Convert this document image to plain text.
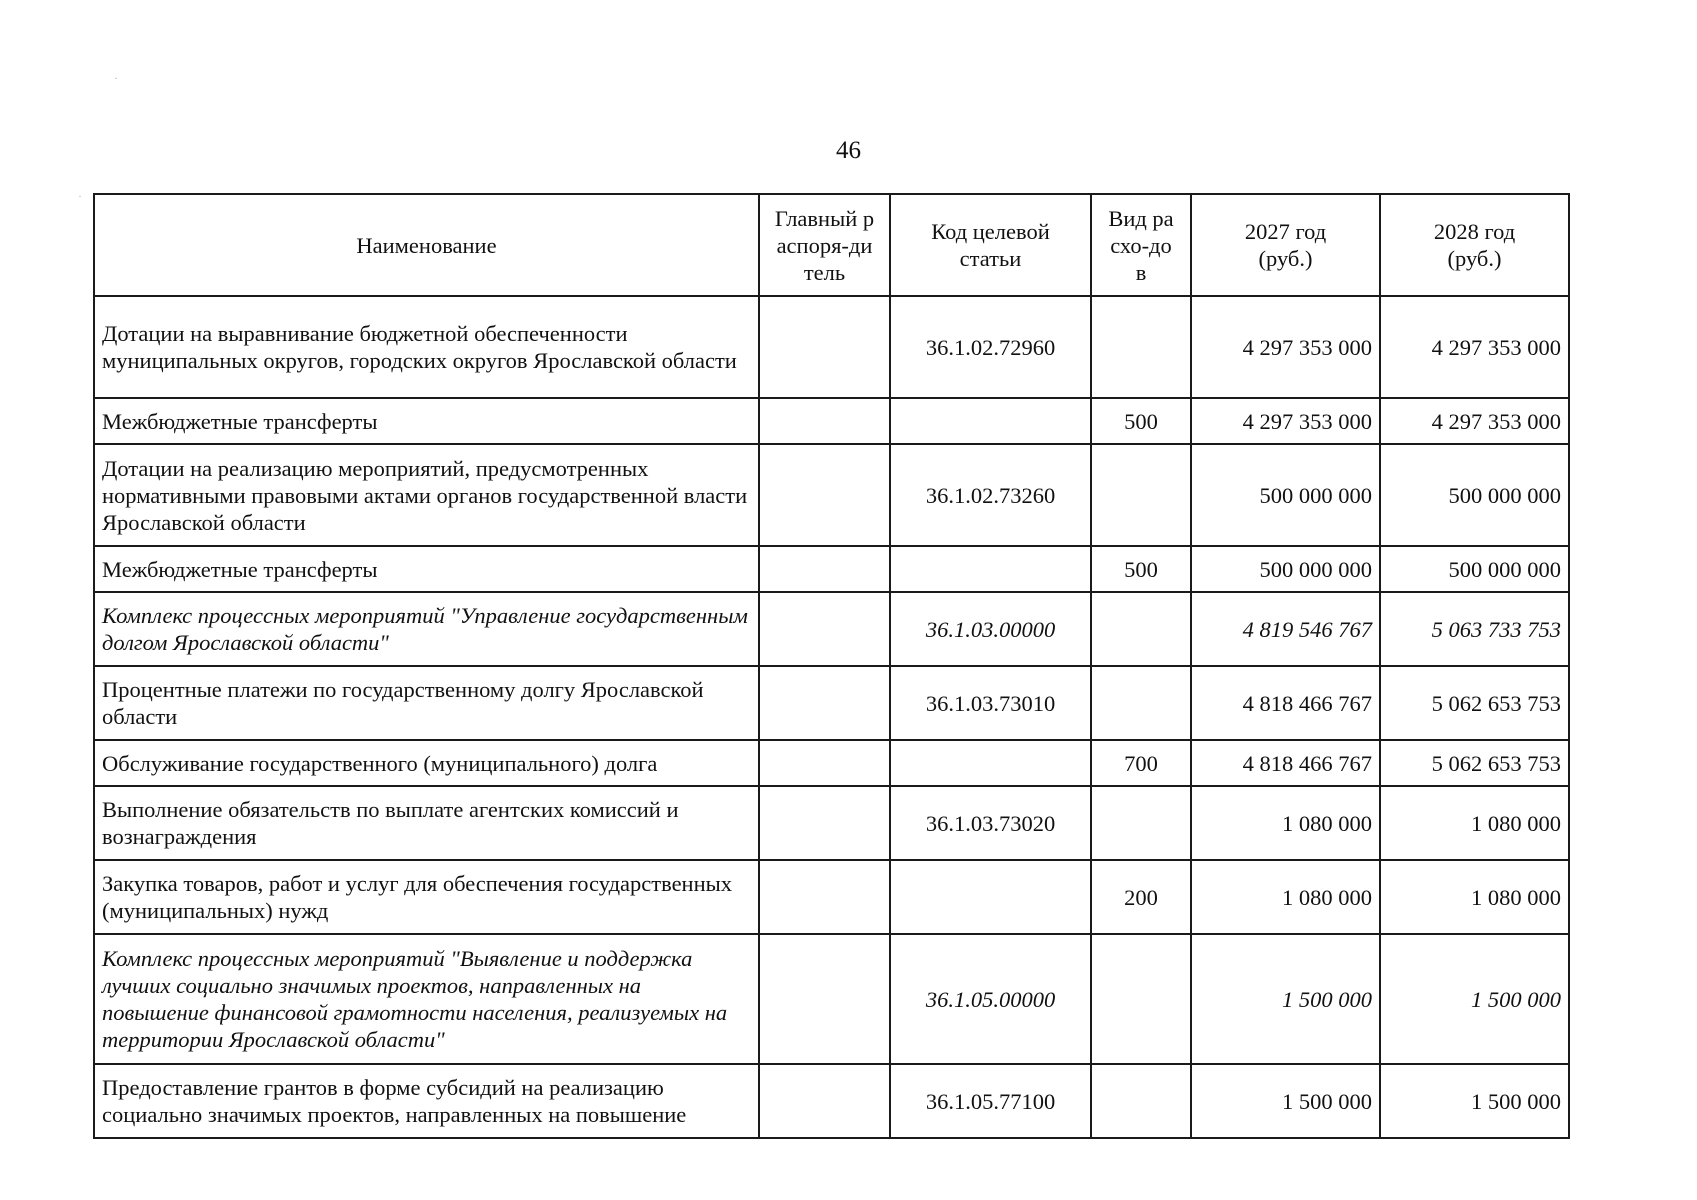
·
·
46
Наименование	Главный распоря-дитель	Код целевой статьи	Вид расхо-дов	2027 год (руб.)	2028 год (руб.)
Дотации на выравнивание бюджетной обеспеченности муниципальных округов, городских округов Ярославской области		36.1.02.72960		4 297 353 000	4 297 353 000
Межбюджетные трансферты			500	4 297 353 000	4 297 353 000
Дотации на реализацию мероприятий, предусмотренных нормативными правовыми актами органов государственной власти Ярославской области		36.1.02.73260		500 000 000	500 000 000
Межбюджетные трансферты			500	500 000 000	500 000 000
Комплекс процессных мероприятий "Управление государственным долгом Ярославской области"		36.1.03.00000		4 819 546 767	5 063 733 753
Процентные платежи по государственному долгу Ярославской области		36.1.03.73010		4 818 466 767	5 062 653 753
Обслуживание государственного (муниципального) долга			700	4 818 466 767	5 062 653 753
Выполнение обязательств по выплате агентских комиссий и вознаграждения		36.1.03.73020		1 080 000	1 080 000
Закупка товаров, работ и услуг для обеспечения государственных (муниципальных) нужд			200	1 080 000	1 080 000
Комплекс процессных мероприятий "Выявление и поддержка лучших социально значимых проектов, направленных на повышение финансовой грамотности населения, реализуемых на территории Ярославской области"		36.1.05.00000		1 500 000	1 500 000
Предоставление грантов в форме субсидий на реализацию социально значимых проектов, направленных на повышение		36.1.05.77100		1 500 000	1 500 000
